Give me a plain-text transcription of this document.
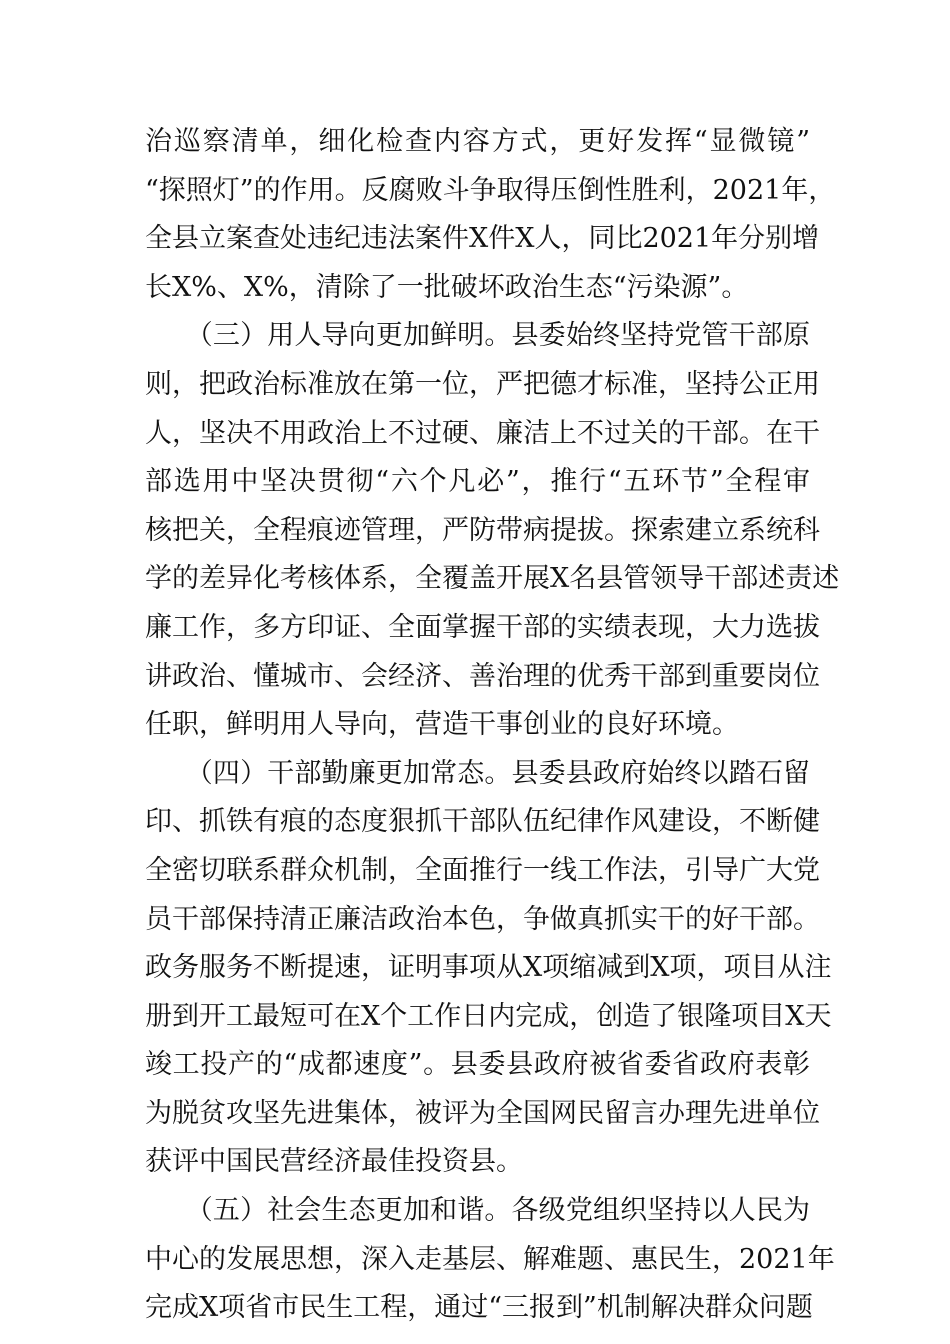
治巡察清单，细化检查内容方式，更好发挥“显微镜”
“探照灯”的作用。反腐败斗争取得压倒性胜利，2021年，
全县立案查处违纪违法案件X件X人，同比2021年分别增
长X%、X%，清除了一批破坏政治生态“污染源”。
　　（三）用人导向更加鲜明。县委始终坚持党管干部原
则，把政治标准放在第一位，严把德才标准，坚持公正用
人，坚决不用政治上不过硬、廉洁上不过关的干部。在干
部选用中坚决贯彻“六个凡必”，推行“五环节”全程审
核把关，全程痕迹管理，严防带病提拔。探索建立系统科
学的差异化考核体系，全覆盖开展X名县管领导干部述责述
廉工作，多方印证、全面掌握干部的实绩表现，大力选拔
讲政治、懂城市、会经济、善治理的优秀干部到重要岗位
任职，鲜明用人导向，营造干事创业的良好环境。
　　（四）干部勤廉更加常态。县委县政府始终以踏石留
印、抓铁有痕的态度狠抓干部队伍纪律作风建设，不断健
全密切联系群众机制，全面推行一线工作法，引导广大党
员干部保持清正廉洁政治本色，争做真抓实干的好干部。
政务服务不断提速，证明事项从X项缩减到X项，项目从注
册到开工最短可在X个工作日内完成，创造了银隆项目X天
竣工投产的“成都速度”。县委县政府被省委省政府表彰
为脱贫攻坚先进集体，被评为全国网民留言办理先进单位
获评中国民营经济最佳投资县。
　　（五）社会生态更加和谐。各级党组织坚持以人民为
中心的发展思想，深入走基层、解难题、惠民生，2021年
完成X项省市民生工程，通过“三报到”机制解决群众问题
